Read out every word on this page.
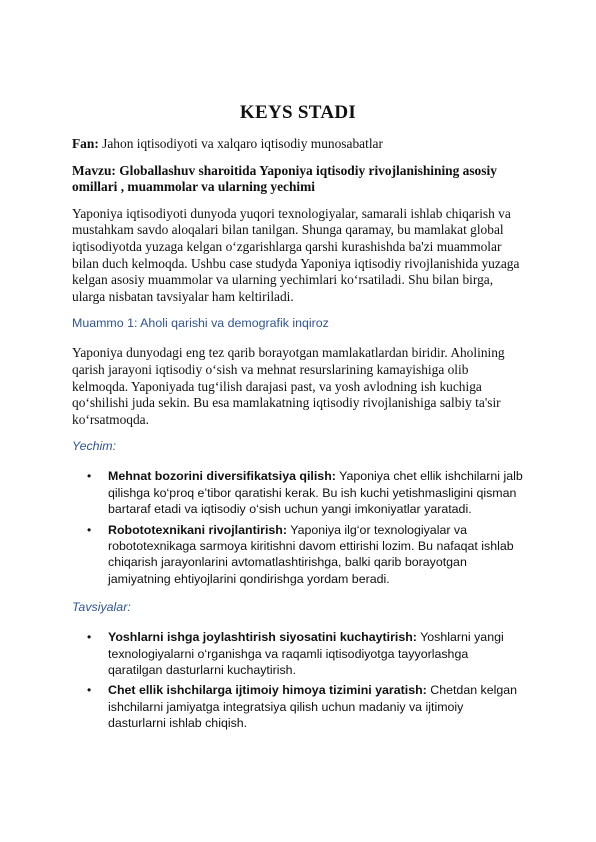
KEYS STADI

Fan: Jahon iqtisodiyoti va xalqaro iqtisodiy munosabatlar

Mavzu: Globallashuv sharoitida Yaponiya iqtisodiy rivojlanishining asosiy omillari , muammolar va ularning yechimi

Yaponiya iqtisodiyoti dunyoda yuqori texnologiyalar, samarali ishlab chiqarish va mustahkam savdo aloqalari bilan tanilgan. Shunga qaramay, bu mamlakat global iqtisodiyotda yuzaga kelgan o‘zgarishlarga qarshi kurashishda ba'zi muammolar bilan duch kelmoqda. Ushbu case studyda Yaponiya iqtisodiy rivojlanishida yuzaga kelgan asosiy muammolar va ularning yechimlari ko‘rsatiladi. Shu bilan birga, ularga nisbatan tavsiyalar ham keltiriladi.

Muammo 1: Aholi qarishi va demografik inqiroz

Yaponiya dunyodagi eng tez qarib borayotgan mamlakatlardan biridir. Aholining qarish jarayoni iqtisodiy o‘sish va mehnat resurslarining kamayishiga olib kelmoqda. Yaponiyada tug‘ilish darajasi past, va yosh avlodning ish kuchiga qo‘shilishi juda sekin. Bu esa mamlakatning iqtisodiy rivojlanishiga salbiy ta'sir ko‘rsatmoqda.

Yechim:
• Mehnat bozorini diversifikatsiya qilish: Yaponiya chet ellik ishchilarni jalb qilishga ko‘proq e’tibor qaratishi kerak. Bu ish kuchi yetishmasligini qisman bartaraf etadi va iqtisodiy o‘sish uchun yangi imkoniyatlar yaratadi.
• Robototexnikani rivojlantirish: Yaponiya ilg‘or texnologiyalar va robototexnikaga sarmoya kiritishni davom ettirishi lozim. Bu nafaqat ishlab chiqarish jarayonlarini avtomatlashtirishga, balki qarib borayotgan jamiyatning ehtiyojlarini qondirishga yordam beradi.
Tavsiyalar:
• Yoshlarni ishga joylashtirish siyosatini kuchaytirish: Yoshlarni yangi texnologiyalarni o‘rganishga va raqamli iqtisodiyotga tayyorlashga qaratilgan dasturlarni kuchaytirish.
• Chet ellik ishchilarga ijtimoiy himoya tizimini yaratish: Chetdan kelgan ishchilarni jamiyatga integratsiya qilish uchun madaniy va ijtimoiy dasturlarni ishlab chiqish.
